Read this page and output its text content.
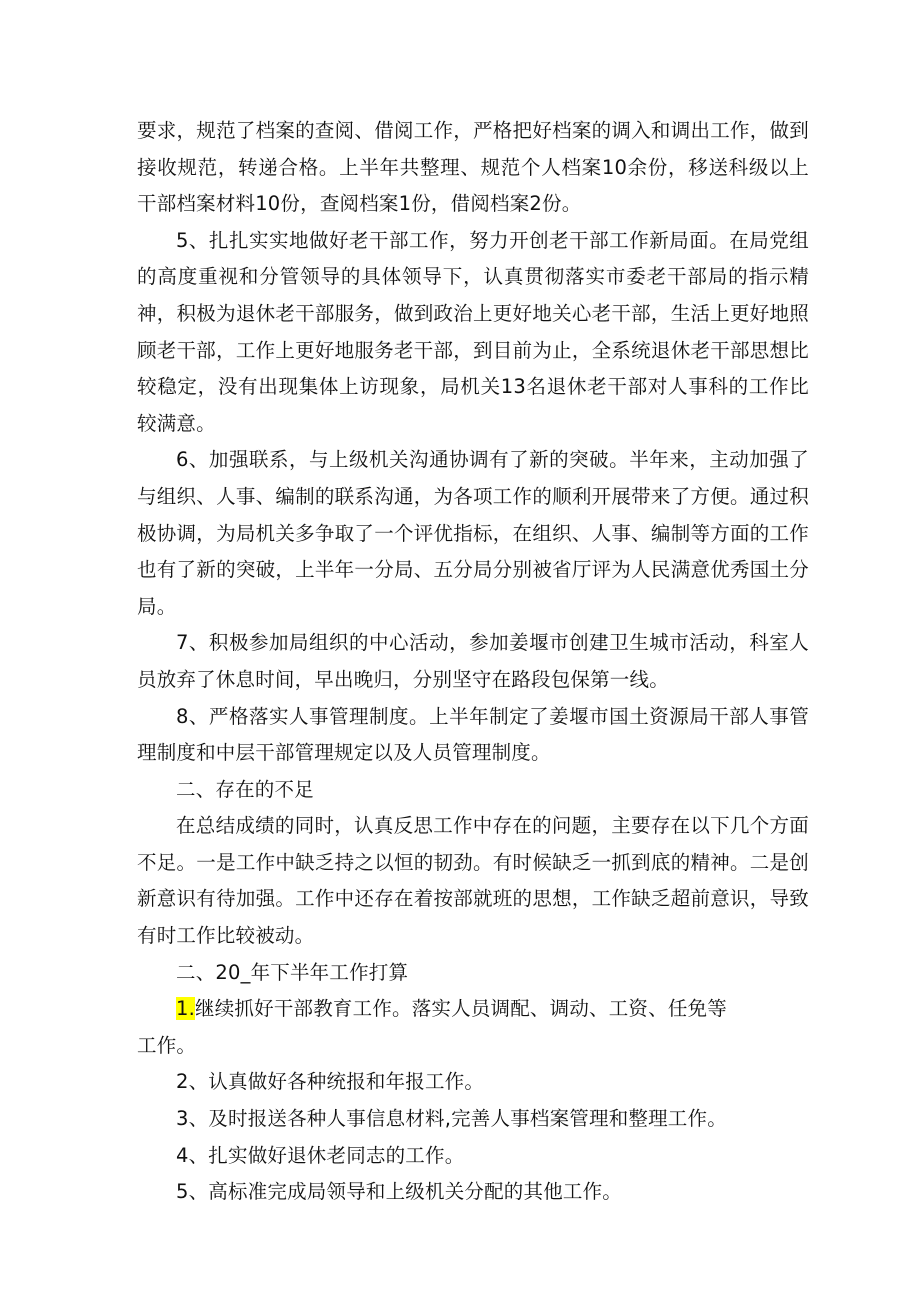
要求，规范了档案的查阅、借阅工作，严格把好档案的调入和调出工作，做到接收规范，转递合格。上半年共整理、规范个人档案10余份，移送科级以上干部档案材料10份，查阅档案1份，借阅档案2份。

5、扎扎实实地做好老干部工作，努力开创老干部工作新局面。在局党组的高度重视和分管领导的具体领导下，认真贯彻落实市委老干部局的指示精神，积极为退休老干部服务，做到政治上更好地关心老干部，生活上更好地照顾老干部，工作上更好地服务老干部，到目前为止，全系统退休老干部思想比较稳定，没有出现集体上访现象，局机关13名退休老干部对人事科的工作比较满意。

6、加强联系，与上级机关沟通协调有了新的突破。半年来，主动加强了与组织、人事、编制的联系沟通，为各项工作的顺利开展带来了方便。通过积极协调，为局机关多争取了一个评优指标，在组织、人事、编制等方面的工作也有了新的突破，上半年一分局、五分局分别被省厅评为人民满意优秀国土分局。

7、积极参加局组织的中心活动，参加姜堰市创建卫生城市活动，科室人员放弃了休息时间，早出晚归，分别坚守在路段包保第一线。

8、严格落实人事管理制度。上半年制定了姜堰市国土资源局干部人事管理制度和中层干部管理规定以及人员管理制度。

二、存在的不足

在总结成绩的同时，认真反思工作中存在的问题，主要存在以下几个方面不足。一是工作中缺乏持之以恒的韧劲。有时候缺乏一抓到底的精神。二是创新意识有待加强。工作中还存在着按部就班的思想，工作缺乏超前意识，导致有时工作比较被动。

二、20_年下半年工作打算

1.继续抓好干部教育工作。落实人员调配、调动、工资、任免等
工作。

2、认真做好各种统报和年报工作。

3、及时报送各种人事信息材料,完善人事档案管理和整理工作。

4、扎实做好退休老同志的工作。

5、高标准完成局领导和上级机关分配的其他工作。
